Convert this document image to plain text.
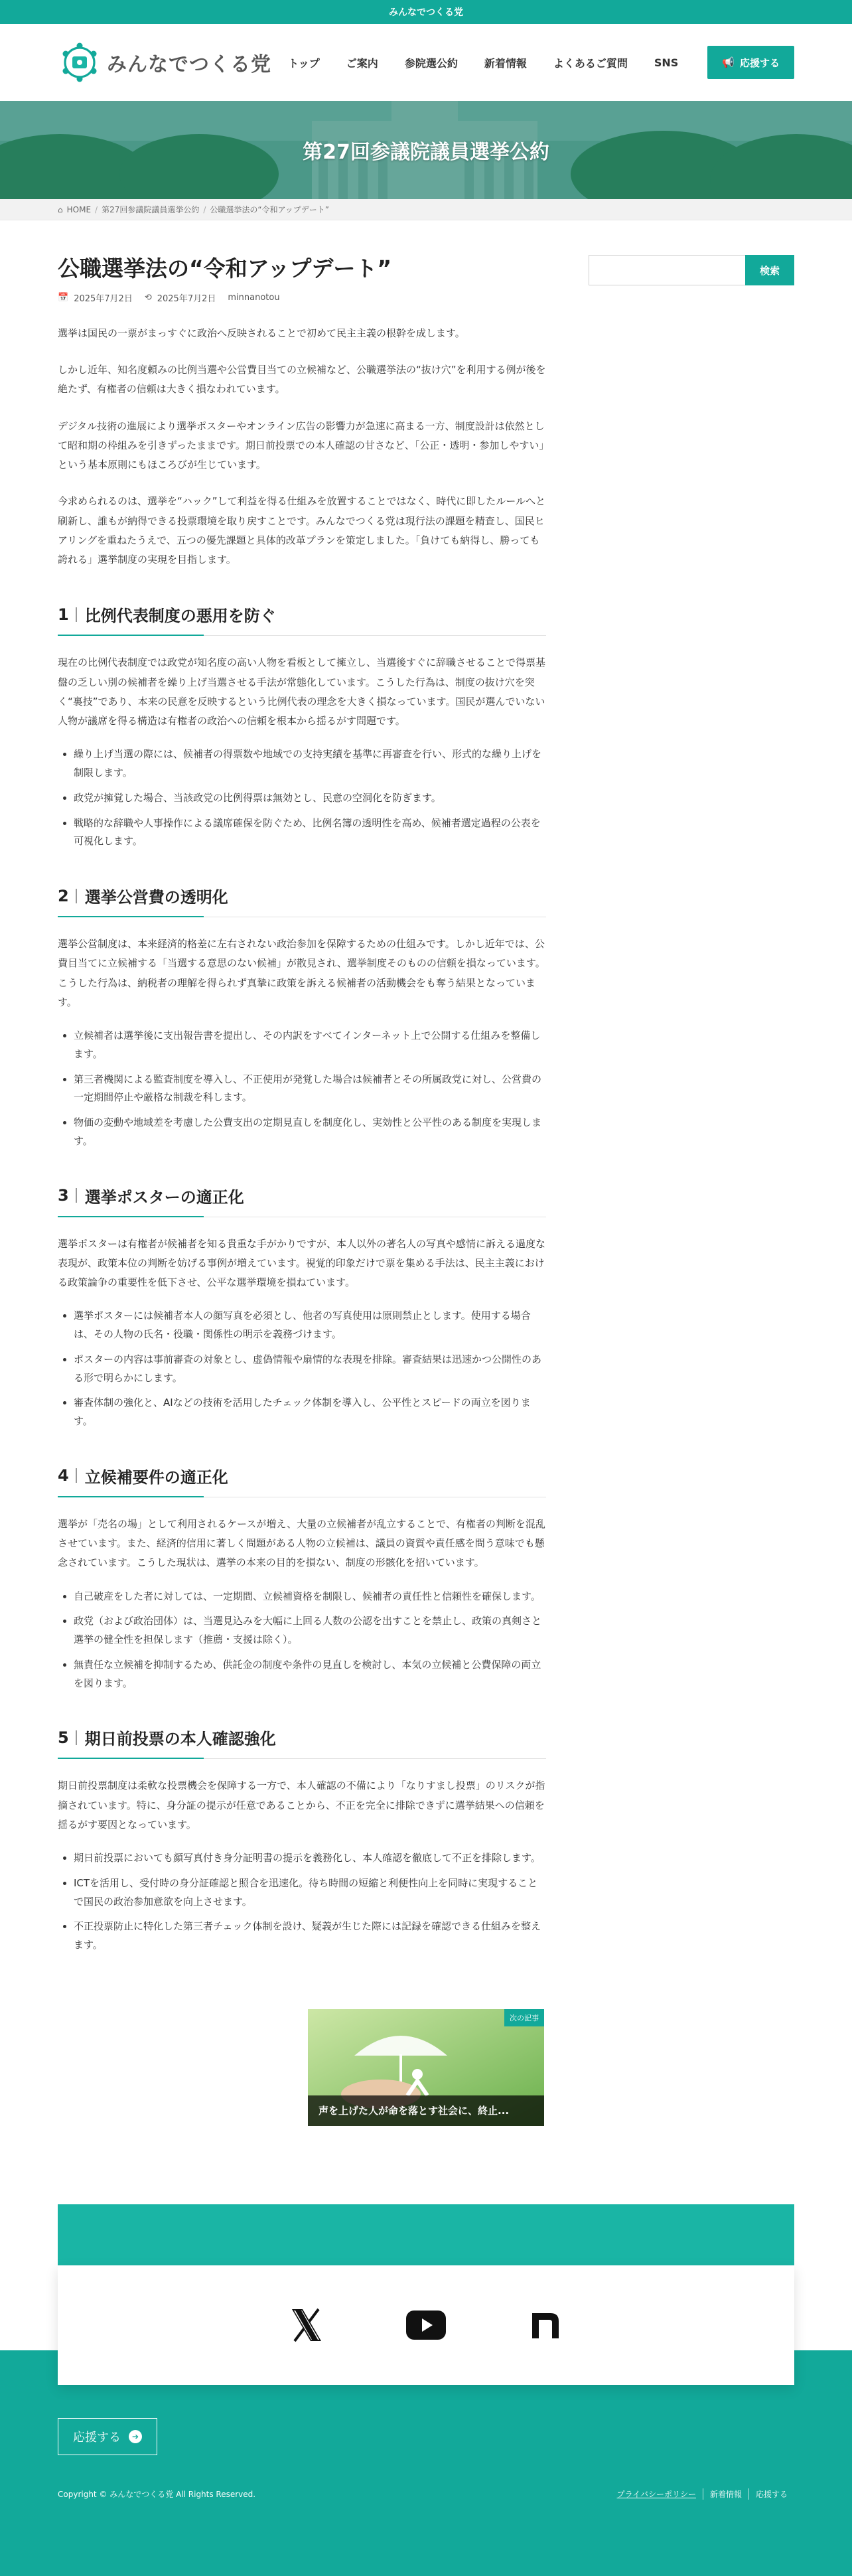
みんなでつくる党
みんなでつくる党	トップ	ご案内	参院選公約	新着情報	よくあるご質問	SNS	📢 応援する
第27回参議院議員選挙公約
⌂ HOME / 第27回参議院議員選挙公約 / 公職選挙法の“令和アップデート”
公職選挙法の“令和アップデート”
📅 2025年7月2日 ⟲ 2025年7月2日 minnanotou

選挙は国民の一票がまっすぐに政治へ反映されることで初めて民主主義の根幹を成します。

しかし近年、知名度頼みの比例当選や公営費目当ての立候補など、公職選挙法の“抜け穴”を利用する例が後を絶たず、有権者の信頼は大きく損なわれています。

デジタル技術の進展により選挙ポスターやオンライン広告の影響力が急速に高まる一方、制度設計は依然として昭和期の枠組みを引きずったままです。期日前投票での本人確認の甘さなど、「公正・透明・参加しやすい」という基本原則にもほころびが生じています。

今求められるのは、選挙を“ハック”して利益を得る仕組みを放置することではなく、時代に即したルールへと刷新し、誰もが納得できる投票環境を取り戻すことです。みんなでつくる党は現行法の課題を精査し、国民ヒアリングを重ねたうえで、五つの優先課題と具体的改革プランを策定しました。「負けても納得し、勝っても誇れる」選挙制度の実現を目指します。

1 比例代表制度の悪用を防ぐ

現在の比例代表制度では政党が知名度の高い人物を看板として擁立し、当選後すぐに辞職させることで得票基盤の乏しい別の候補者を繰り上げ当選させる手法が常態化しています。こうした行為は、制度の抜け穴を突く“裏技”であり、本来の民意を反映するという比例代表の理念を大きく損なっています。国民が選んでいない人物が議席を得る構造は有権者の政治への信頼を根本から揺るがす問題です。

• 繰り上げ当選の際には、候補者の得票数や地域での支持実績を基準に再審査を行い、形式的な繰り上げを制限します。
• 政党が擁覚した場合、当該政党の比例得票は無効とし、民意の空洞化を防ぎます。
• 戦略的な辞職や人事操作による議席確保を防ぐため、比例名簿の透明性を高め、候補者選定過程の公表を可視化します。
2 選挙公営費の透明化

選挙公営制度は、本来経済的格差に左右されない政治参加を保障するための仕組みです。しかし近年では、公費目当てに立候補する「当選する意思のない候補」が散見され、選挙制度そのものの信頼を損なっています。こうした行為は、納税者の理解を得られず真摯に政策を訴える候補者の活動機会をも奪う結果となっています。

• 立候補者は選挙後に支出報告書を提出し、その内訳をすべてインターネット上で公開する仕組みを整備します。
• 第三者機関による監査制度を導入し、不正使用が発覚した場合は候補者とその所属政党に対し、公営費の一定期間停止や厳格な制裁を科します。
• 物価の変動や地域差を考慮した公費支出の定期見直しを制度化し、実効性と公平性のある制度を実現します。
3 選挙ポスターの適正化

選挙ポスターは有権者が候補者を知る貴重な手がかりですが、本人以外の著名人の写真や感情に訴える過度な表現が、政策本位の判断を妨げる事例が増えています。視覚的印象だけで票を集める手法は、民主主義における政策論争の重要性を低下させ、公平な選挙環境を損ねています。

• 選挙ポスターには候補者本人の顔写真を必須とし、他者の写真使用は原則禁止とします。使用する場合は、その人物の氏名・役職・関係性の明示を義務づけます。
• ポスターの内容は事前審査の対象とし、虚偽情報や扇情的な表現を排除。審査結果は迅速かつ公開性のある形で明らかにします。
• 審査体制の強化と、AIなどの技術を活用したチェック体制を導入し、公平性とスピードの両立を図ります。
4 立候補要件の適正化

選挙が「売名の場」として利用されるケースが増え、大量の立候補者が乱立することで、有権者の判断を混乱させています。また、経済的信用に著しく問題がある人物の立候補は、議員の資質や責任感を問う意味でも懸念されています。こうした現状は、選挙の本来の目的を損ない、制度の形骸化を招いています。

• 自己破産をした者に対しては、一定期間、立候補資格を制限し、候補者の責任性と信頼性を確保します。
• 政党（および政治団体）は、当選見込みを大幅に上回る人数の公認を出すことを禁止し、政策の真剣さと選挙の健全性を担保します（推薦・支援は除く）。
• 無責任な立候補を抑制するため、供託金の制度や条件の見直しを検討し、本気の立候補と公費保障の両立を図ります。
5 期日前投票の本人確認強化

期日前投票制度は柔軟な投票機会を保障する一方で、本人確認の不備により「なりすまし投票」のリスクが指摘されています。特に、身分証の提示が任意であることから、不正を完全に排除できずに選挙結果への信頼を揺るがす要因となっています。

• 期日前投票においても顔写真付き身分証明書の提示を義務化し、本人確認を徹底して不正を排除します。
• ICTを活用し、受付時の身分証確認と照合を迅速化。待ち時間の短縮と利便性向上を同時に実現することで国民の政治参加意欲を向上させます。
• 不正投票防止に特化した第三者チェック体制を設け、疑義が生じた際には記録を確認できる仕組みを整えます。
検索
次の記事
声を上げた人が命を落とす社会に、終止...
応援する	➔
Copyright © みんなでつくる党 All Rights Reserved.	プライバシーポリシー	新着情報	応援する
